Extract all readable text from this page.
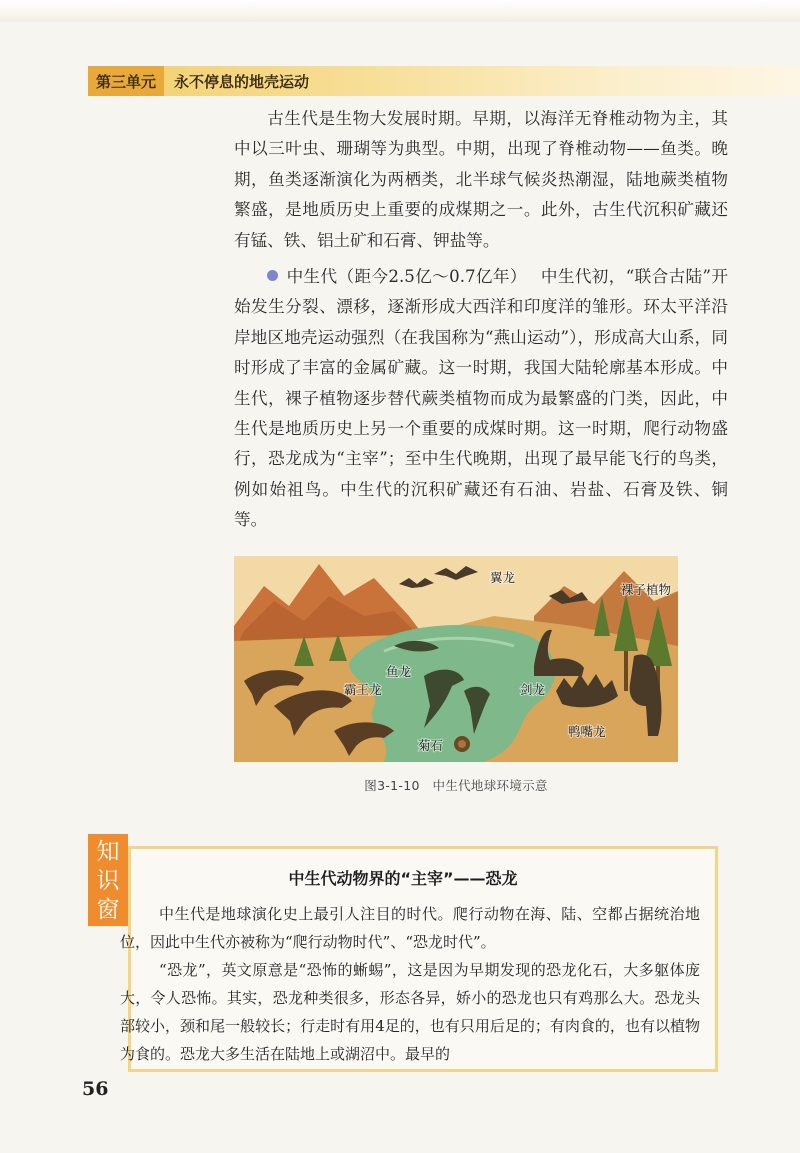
第三单元	永不停息的地壳运动

古生代是生物大发展时期。早期，以海洋无脊椎动物为主，其中以三叶虫、珊瑚等为典型。中期，出现了脊椎动物——鱼类。晚期，鱼类逐渐演化为两栖类，北半球气候炎热潮湿，陆地蕨类植物繁盛，是地质历史上重要的成煤期之一。此外，古生代沉积矿藏还有锰、铁、铝土矿和石膏、钾盐等。

中生代（距今2.5亿～0.7亿年） 中生代初，“联合古陆”开始发生分裂、漂移，逐渐形成大西洋和印度洋的雏形。环太平洋沿岸地区地壳运动强烈（在我国称为“燕山运动”），形成高大山系，同时形成了丰富的金属矿藏。这一时期，我国大陆轮廓基本形成。中生代，裸子植物逐步替代蕨类植物而成为最繁盛的门类，因此，中生代是地质历史上另一个重要的成煤时期。这一时期，爬行动物盛行，恐龙成为“主宰”；至中生代晚期，出现了最早能飞行的鸟类，例如始祖鸟。中生代的沉积矿藏还有石油、岩盐、石膏及铁、铜等。

翼龙
裸子植物
鱼龙
霸王龙	剑龙
鸭嘴龙
菊石
图3-1-10　中生代地球环境示意
知
识
窗
中生代动物界的“主宰”——恐龙

中生代是地球演化史上最引人注目的时代。爬行动物在海、陆、空都占据统治地位，因此中生代亦被称为“爬行动物时代”、“恐龙时代”。

“恐龙”，英文原意是“恐怖的蜥蜴”，这是因为早期发现的恐龙化石，大多躯体庞大，令人恐怖。其实，恐龙种类很多，形态各异，娇小的恐龙也只有鸡那么大。恐龙头部较小，颈和尾一般较长；行走时有用4足的，也有只用后足的；有肉食的，也有以植物为食的。恐龙大多生活在陆地上或湖沼中。最早的

56
